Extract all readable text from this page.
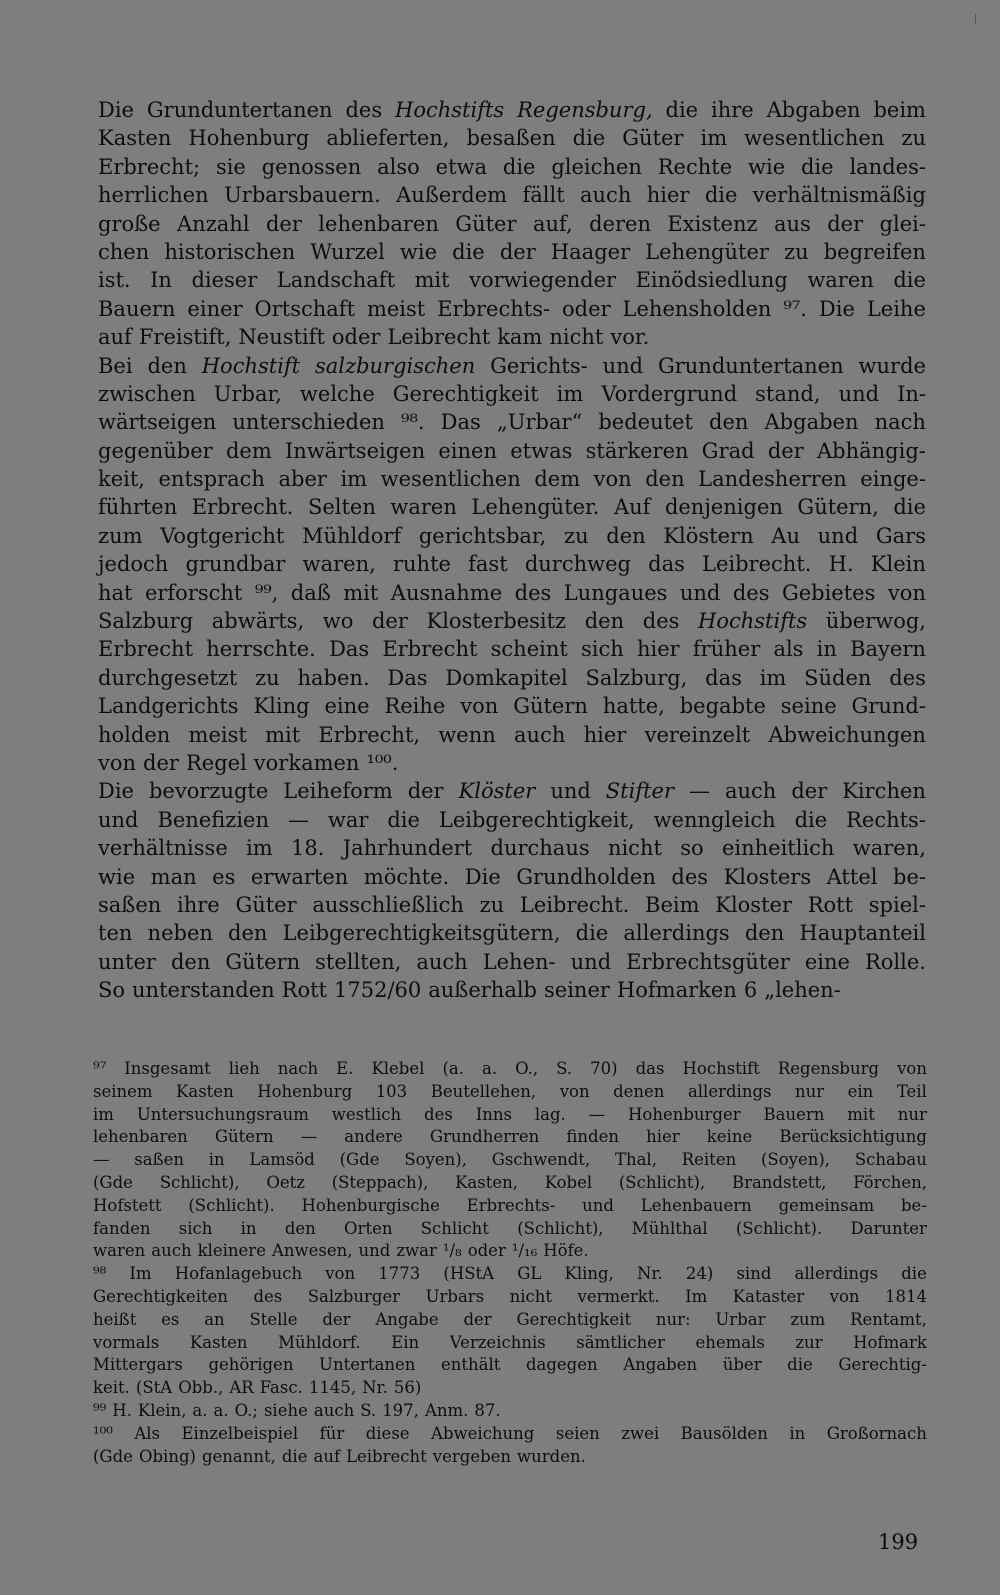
Die Grunduntertanen des Hochstifts Regensburg, die ihre Abgaben beim
Kasten Hohenburg ablieferten, besaßen die Güter im wesentlichen zu
Erbrecht; sie genossen also etwa die gleichen Rechte wie die landes-
herrlichen Urbarsbauern. Außerdem fällt auch hier die verhältnismäßig
große Anzahl der lehenbaren Güter auf, deren Existenz aus der glei-
chen historischen Wurzel wie die der Haager Lehengüter zu begreifen
ist. In dieser Landschaft mit vorwiegender Einödsiedlung waren die
Bauern einer Ortschaft meist Erbrechts- oder Lehensholden ⁹⁷. Die Leihe
auf Freistift, Neustift oder Leibrecht kam nicht vor.
Bei den Hochstift salzburgischen Gerichts- und Grunduntertanen wurde
zwischen Urbar, welche Gerechtigkeit im Vordergrund stand, und In-
wärtseigen unterschieden ⁹⁸. Das „Urbar“ bedeutet den Abgaben nach
gegenüber dem Inwärtseigen einen etwas stärkeren Grad der Abhängig-
keit, entsprach aber im wesentlichen dem von den Landesherren einge-
führten Erbrecht. Selten waren Lehengüter. Auf denjenigen Gütern, die
zum Vogtgericht Mühldorf gerichtsbar, zu den Klöstern Au und Gars
jedoch grundbar waren, ruhte fast durchweg das Leibrecht. H. Klein
hat erforscht ⁹⁹, daß mit Ausnahme des Lungaues und des Gebietes von
Salzburg abwärts, wo der Klosterbesitz den des Hochstifts überwog,
Erbrecht herrschte. Das Erbrecht scheint sich hier früher als in Bayern
durchgesetzt zu haben. Das Domkapitel Salzburg, das im Süden des
Landgerichts Kling eine Reihe von Gütern hatte, begabte seine Grund-
holden meist mit Erbrecht, wenn auch hier vereinzelt Abweichungen
von der Regel vorkamen ¹⁰⁰.
Die bevorzugte Leiheform der Klöster und Stifter — auch der Kirchen
und Benefizien — war die Leibgerechtigkeit, wenngleich die Rechts-
verhältnisse im 18. Jahrhundert durchaus nicht so einheitlich waren,
wie man es erwarten möchte. Die Grundholden des Klosters Attel be-
saßen ihre Güter ausschließlich zu Leibrecht. Beim Kloster Rott spiel-
ten neben den Leibgerechtigkeitsgütern, die allerdings den Hauptanteil
unter den Gütern stellten, auch Lehen- und Erbrechtsgüter eine Rolle.
So unterstanden Rott 1752/60 außerhalb seiner Hofmarken 6 „lehen-
⁹⁷ Insgesamt lieh nach E. Klebel (a. a. O., S. 70) das Hochstift Regensburg von
seinem Kasten Hohenburg 103 Beutellehen, von denen allerdings nur ein Teil
im Untersuchungsraum westlich des Inns lag. — Hohenburger Bauern mit nur
lehenbaren Gütern — andere Grundherren finden hier keine Berücksichtigung
— saßen in Lamsöd (Gde Soyen), Gschwendt, Thal, Reiten (Soyen), Schabau
(Gde Schlicht), Oetz (Steppach), Kasten, Kobel (Schlicht), Brandstett, Förchen,
Hofstett (Schlicht). Hohenburgische Erbrechts- und Lehenbauern gemeinsam be-
fanden sich in den Orten Schlicht (Schlicht), Mühlthal (Schlicht). Darunter
waren auch kleinere Anwesen, und zwar ¹/₈ oder ¹/₁₆ Höfe.
⁹⁸ Im Hofanlagebuch von 1773 (HStA GL Kling, Nr. 24) sind allerdings die
Gerechtigkeiten des Salzburger Urbars nicht vermerkt. Im Kataster von 1814
heißt es an Stelle der Angabe der Gerechtigkeit nur: Urbar zum Rentamt,
vormals Kasten Mühldorf. Ein Verzeichnis sämtlicher ehemals zur Hofmark
Mittergars gehörigen Untertanen enthält dagegen Angaben über die Gerechtig-
keit. (StA Obb., AR Fasc. 1145, Nr. 56)
⁹⁹ H. Klein, a. a. O.; siehe auch S. 197, Anm. 87.
¹⁰⁰ Als Einzelbeispiel für diese Abweichung seien zwei Bausölden in Großornach
(Gde Obing) genannt, die auf Leibrecht vergeben wurden.
199
